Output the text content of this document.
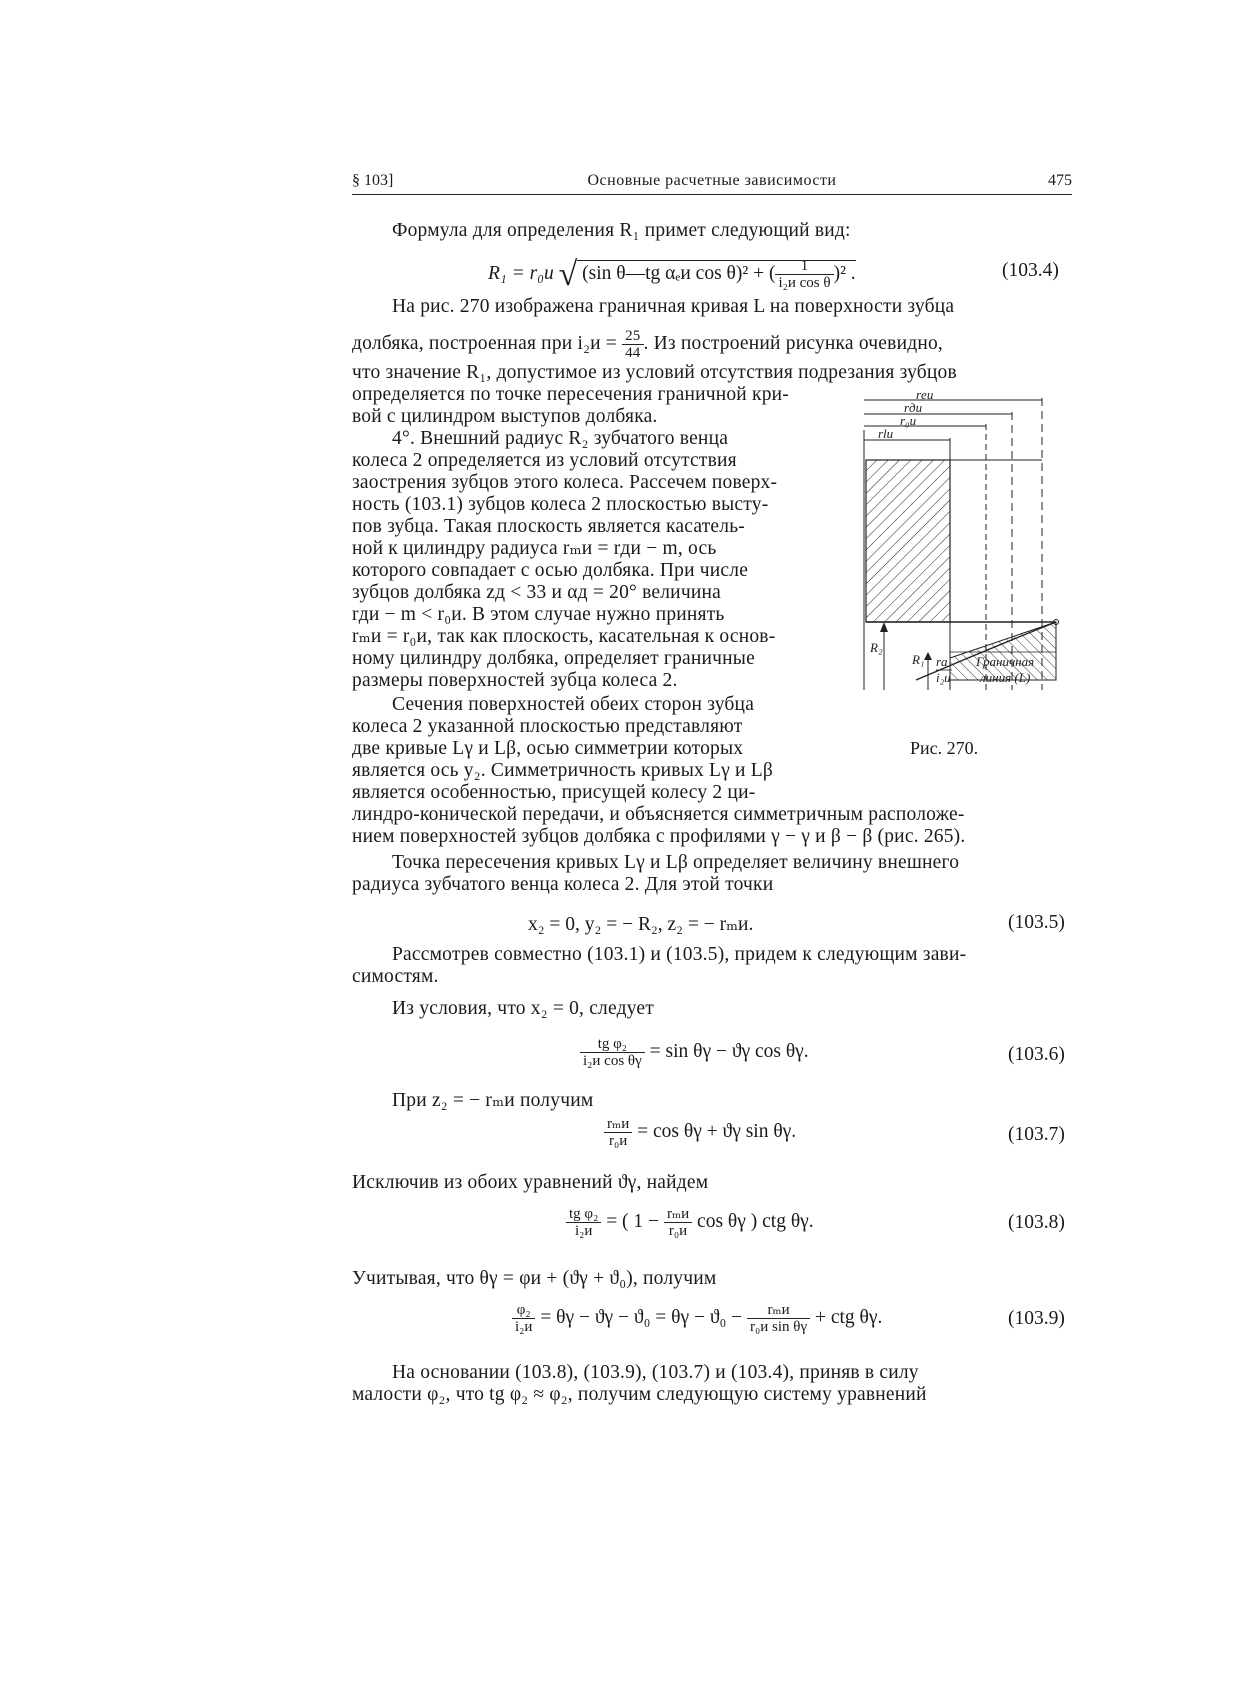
§ 103]	Основные расчетные зависимости	475
Формула для определения R₁ примет следующий вид:
R₁ = r₀и √ (sin θ—tg αₑи cos θ)² + ( $\frac{1}{\text{i₂и cos θ}} )^2$ .	(103.4)
На рис. 270 изображена граничная кривая L на поверхности зубца
долбяка, построенная при $i_2и = \frac{25}{44}$ . Из построений рисунка очевидно,
что значение R₁, допустимое из условий отсутствия подрезания зубцов
определяется по точке пересечения граничной кри-
вой с цилиндром выступов долбяка.
4°. Внешний радиус R₂ зубчатого венца
колеса 2 определяется из условий отсутствия
заострения зубцов этого колеса. Рассечем поверх-
ность (103.1) зубцов колеса 2 плоскостью высту-
пов зубца. Такая плоскость является касатель-
ной к цилиндру радиуса rₘи = rди − m, ось
которого совпадает с осью долбяка. При числе
зубцов долбяка zд < 33 и αд = 20° величина
rди − m < r₀и. В этом случае нужно принять
rₘи = r₀и, так как плоскость, касательная к основ-
ному цилиндру долбяка, определяет граничные
размеры поверхностей зубца колеса 2.
Сечения поверхностей обеих сторон зубца
колеса 2 указанной плоскостью представляют
две кривые Lγ и Lβ, осью симметрии которых
является ось y₂. Симметричность кривых Lγ и Lβ
является особенностью, присущей колесу 2 ци-
линдро-конической передачи, и объясняется симметричным расположе-
нием поверхностей зубцов долбяка с профилями γ − γ и β − β (рис. 265).
Точка пересечения кривых Lγ и Lβ определяет величину внешнего
радиуса зубчатого венца колеса 2. Для этой точки
x₂ = 0, y₂ = − R₂, z₂ = − rₘи.	(103.5)
Рассмотрев совместно (103.1) и (103.5), придем к следующим зави-
симостям.
Из условия, что x₂ = 0, следует
$\frac{\text{tg φ₂}}{\text{i₂и cos θγ}} = \sin \theta\gamma - ϑ\gamma$ cos θγ.	(103.6)
При z₂ = − rₘи получим
$\frac{\text{rₘи}}{\text{r₀и}} = \cos \theta\gamma + ϑ\gamma$ sin θγ.	(103.7)
Исключив из обоих уравнений ϑγ, найдем
$\frac{\text{tg φ₂}}{\text{i₂и}}$ = ( $1 - \frac{\text{rₘи}}{\text{r₀и}}$ cos θγ ) ctg θγ.	(103.8)
Учитывая, что θγ = φи + (ϑγ + ϑ₀), получим
$\frac{\text{φ₂}}{\text{i₂и}} = \theta\gamma - ϑ\gamma - ϑ_0 = \theta\gamma - ϑ_0 - \frac{\text{rₘи}}{\text{r₀и sin θγ}}$ + ctg θγ.	(103.9)
На основании (103.8), (103.9), (103.7) и (103.4), приняв в силу
малости φ₂, что tg φ₂ ≈ φ₂, получим следующую систему уравнений
rеи
rди
r₀и
rlи
R₂
R₁ ra
i₂и
Граничная
линия (L)
Рис. 270.
